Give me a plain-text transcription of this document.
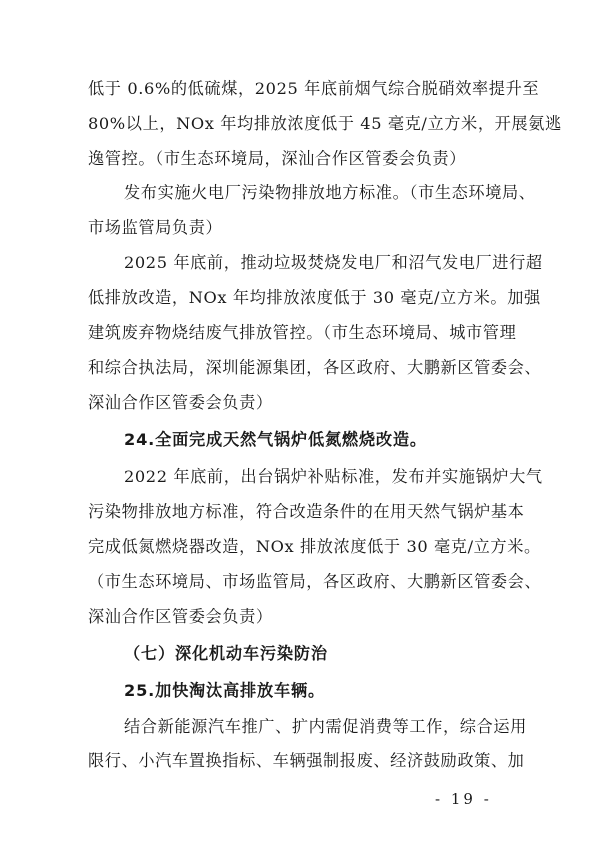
低于 0.6%的低硫煤，2025 年底前烟气综合脱硝效率提升至
80%以上，NOx 年均排放浓度低于 45 毫克/立方米，开展氨逃
逸管控。（市生态环境局，深汕合作区管委会负责）
发布实施火电厂污染物排放地方标准。（市生态环境局、
市场监管局负责）
2025 年底前，推动垃圾焚烧发电厂和沼气发电厂进行超
低排放改造，NOx 年均排放浓度低于 30 毫克/立方米。加强
建筑废弃物烧结废气排放管控。（市生态环境局、城市管理
和综合执法局，深圳能源集团，各区政府、大鹏新区管委会、
深汕合作区管委会负责）
24.全面完成天然气锅炉低氮燃烧改造。
2022 年底前，出台锅炉补贴标准，发布并实施锅炉大气
污染物排放地方标准，符合改造条件的在用天然气锅炉基本
完成低氮燃烧器改造，NOx 排放浓度低于 30 毫克/立方米。
（市生态环境局、市场监管局，各区政府、大鹏新区管委会、
深汕合作区管委会负责）
（七）深化机动车污染防治
25.加快淘汰高排放车辆。
结合新能源汽车推广、扩内需促消费等工作，综合运用
限行、小汽车置换指标、车辆强制报废、经济鼓励政策、加
- 19 -
